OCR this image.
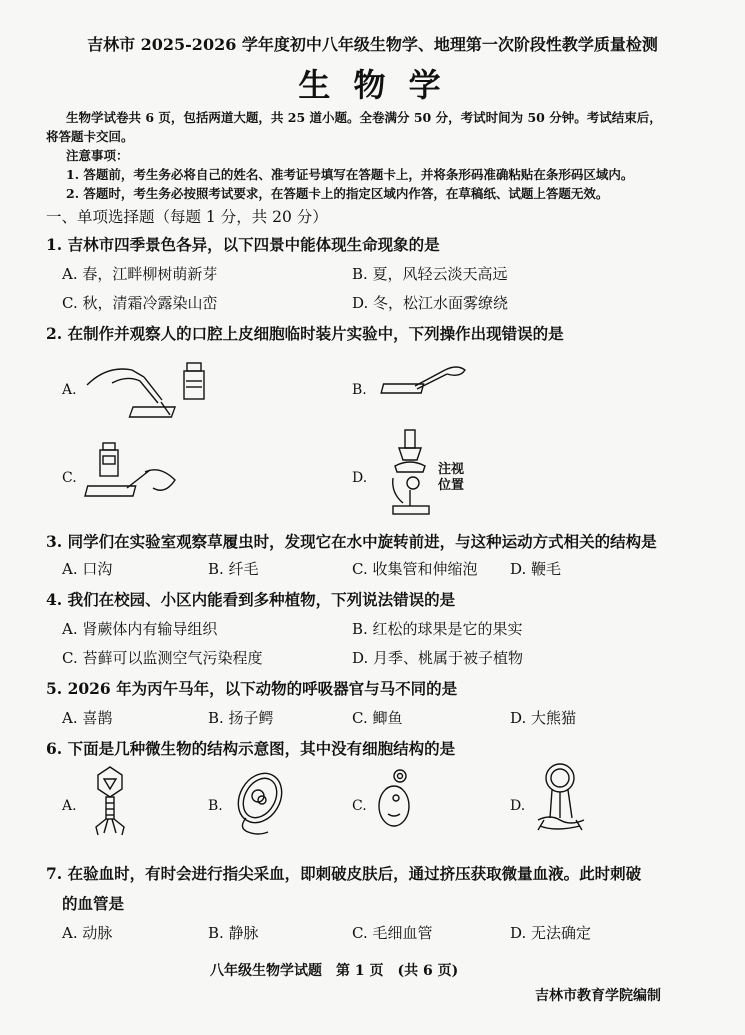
吉林市 2025-2026 学年度初中八年级生物学、地理第一次阶段性教学质量检测
生 物 学
生物学试卷共 6 页，包括两道大题，共 25 道小题。全卷满分 50 分，考试时间为 50 分钟。考试结束后，
将答题卡交回。
注意事项：
1. 答题前，考生务必将自己的姓名、准考证号填写在答题卡上，并将条形码准确粘贴在条形码区域内。
2. 答题时，考生务必按照考试要求，在答题卡上的指定区域内作答，在草稿纸、试题上答题无效。
一、单项选择题（每题 1 分，共 20 分）
1. 吉林市四季景色各异，以下四景中能体现生命现象的是
A. 春，江畔柳树萌新芽	B. 夏，风轻云淡天高远
C. 秋，清霜冷露染山峦	D. 冬，松江水面雾缭绕
2. 在制作并观察人的口腔上皮细胞临时装片实验中，下列操作出现错误的是
A.	B.
C.	D.
注视
位置
3. 同学们在实验室观察草履虫时，发现它在水中旋转前进，与这种运动方式相关的结构是
A. 口沟	B. 纤毛	C. 收集管和伸缩泡 D. 鞭毛
4. 我们在校园、小区内能看到多种植物，下列说法错误的是
A. 肾蕨体内有输导组织	B. 红松的球果是它的果实
C. 苔藓可以监测空气污染程度	D. 月季、桃属于被子植物
5. 2026 年为丙午马年，以下动物的呼吸器官与马不同的是
A. 喜鹊	B. 扬子鳄	C. 鲫鱼	D. 大熊猫
6. 下面是几种微生物的结构示意图，其中没有细胞结构的是
A.	B.	C.	D.
7. 在验血时，有时会进行指尖采血，即刺破皮肤后，通过挤压获取微量血液。此时刺破
的血管是
A. 动脉	B. 静脉	C. 毛细血管	D. 无法确定
八年级生物学试题　第 1 页　(共 6 页)
吉林市教育学院编制
